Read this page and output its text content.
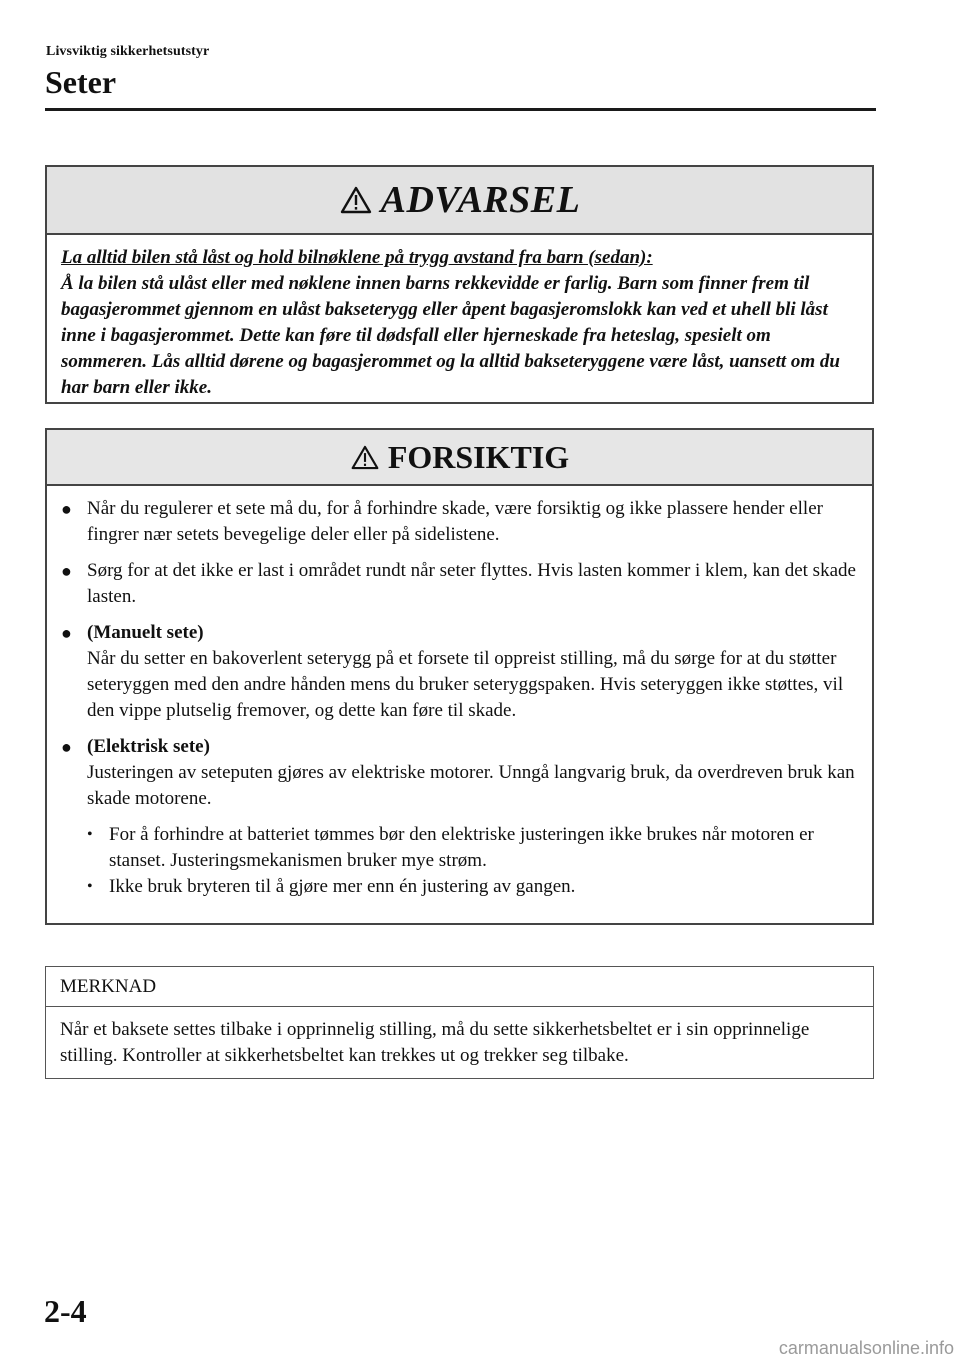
Livsviktig sikkerhetsutstyr
Seter
ADVARSEL
La alltid bilen stå låst og hold bilnøklene på trygg avstand fra barn (sedan):
Å la bilen stå ulåst eller med nøklene innen barns rekkevidde er farlig. Barn som finner frem til bagasjerommet gjennom en ulåst bakseterygg eller åpent bagasjeromslokk kan ved et uhell bli låst inne i bagasjerommet. Dette kan føre til dødsfall eller hjerneskade fra heteslag, spesielt om sommeren. Lås alltid dørene og bagasjerommet og la alltid bakseteryggene være låst, uansett om du har barn eller ikke.
FORSIKTIG
● Når du regulerer et sete må du, for å forhindre skade, være forsiktig og ikke plassere hender eller fingrer nær setets bevegelige deler eller på sidelistene.
● Sørg for at det ikke er last i området rundt når seter flyttes. Hvis lasten kommer i klem, kan det skade lasten.
● (Manuelt sete)
Når du setter en bakoverlent seterygg på et forsete til oppreist stilling, må du sørge for at du støtter seteryggen med den andre hånden mens du bruker seteryggspaken. Hvis seteryggen ikke støttes, vil den vippe plutselig fremover, og dette kan føre til skade.
● (Elektrisk sete)
Justeringen av seteputen gjøres av elektriske motorer. Unngå langvarig bruk, da overdreven bruk kan skade motorene.
• For å forhindre at batteriet tømmes bør den elektriske justeringen ikke brukes når motoren er stanset. Justeringsmekanismen bruker mye strøm.
• Ikke bruk bryteren til å gjøre mer enn én justering av gangen.
MERKNAD
Når et baksete settes tilbake i opprinnelig stilling, må du sette sikkerhetsbeltet er i sin opprinnelige stilling. Kontroller at sikkerhetsbeltet kan trekkes ut og trekker seg tilbake.
2-4
carmanualsonline.info
